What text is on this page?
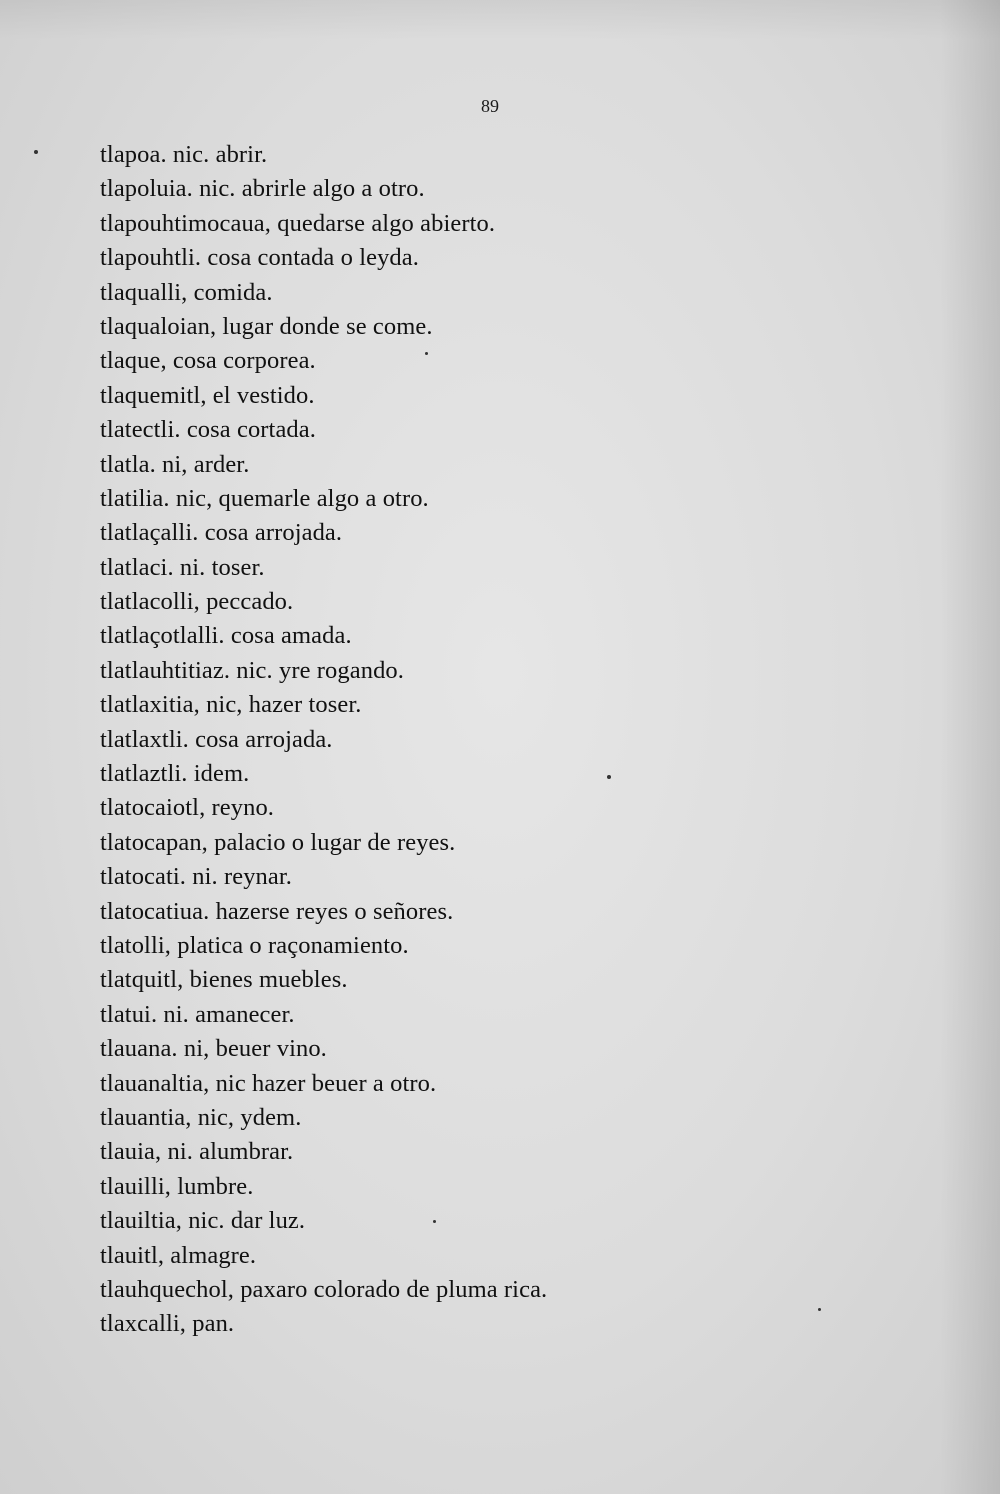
89
tlapoa. nic. abrir.
tlapoluia. nic. abrirle algo a otro.
tlapouhtimocaua, quedarse algo abierto.
tlapouhtli. cosa contada o leyda.
tlaqualli, comida.
tlaqualoian, lugar donde se come.
tlaque, cosa corporea.
tlaquemitl, el vestido.
tlatectli. cosa cortada.
tlatla. ni, arder.
tlatilia. nic, quemarle algo a otro.
tlatlaçalli. cosa arrojada.
tlatlaci. ni. toser.
tlatlacolli, peccado.
tlatlaçotlalli. cosa amada.
tlatlauhtitiaz. nic. yre rogando.
tlatlaxitia, nic, hazer toser.
tlatlaxtli. cosa arrojada.
tlatlaztli. idem.
tlatocaiotl, reyno.
tlatocapan, palacio o lugar de reyes.
tlatocati. ni. reynar.
tlatocatiua. hazerse reyes o señores.
tlatolli, platica o raçonamiento.
tlatquitl, bienes muebles.
tlatui. ni. amanecer.
tlauana. ni, beuer vino.
tlauanaltia, nic hazer beuer a otro.
tlauantia, nic, ydem.
tlauia, ni. alumbrar.
tlauilli, lumbre.
tlauiltia, nic. dar luz.
tlauitl, almagre.
tlauhquechol, paxaro colorado de pluma rica.
tlaxcalli, pan.
